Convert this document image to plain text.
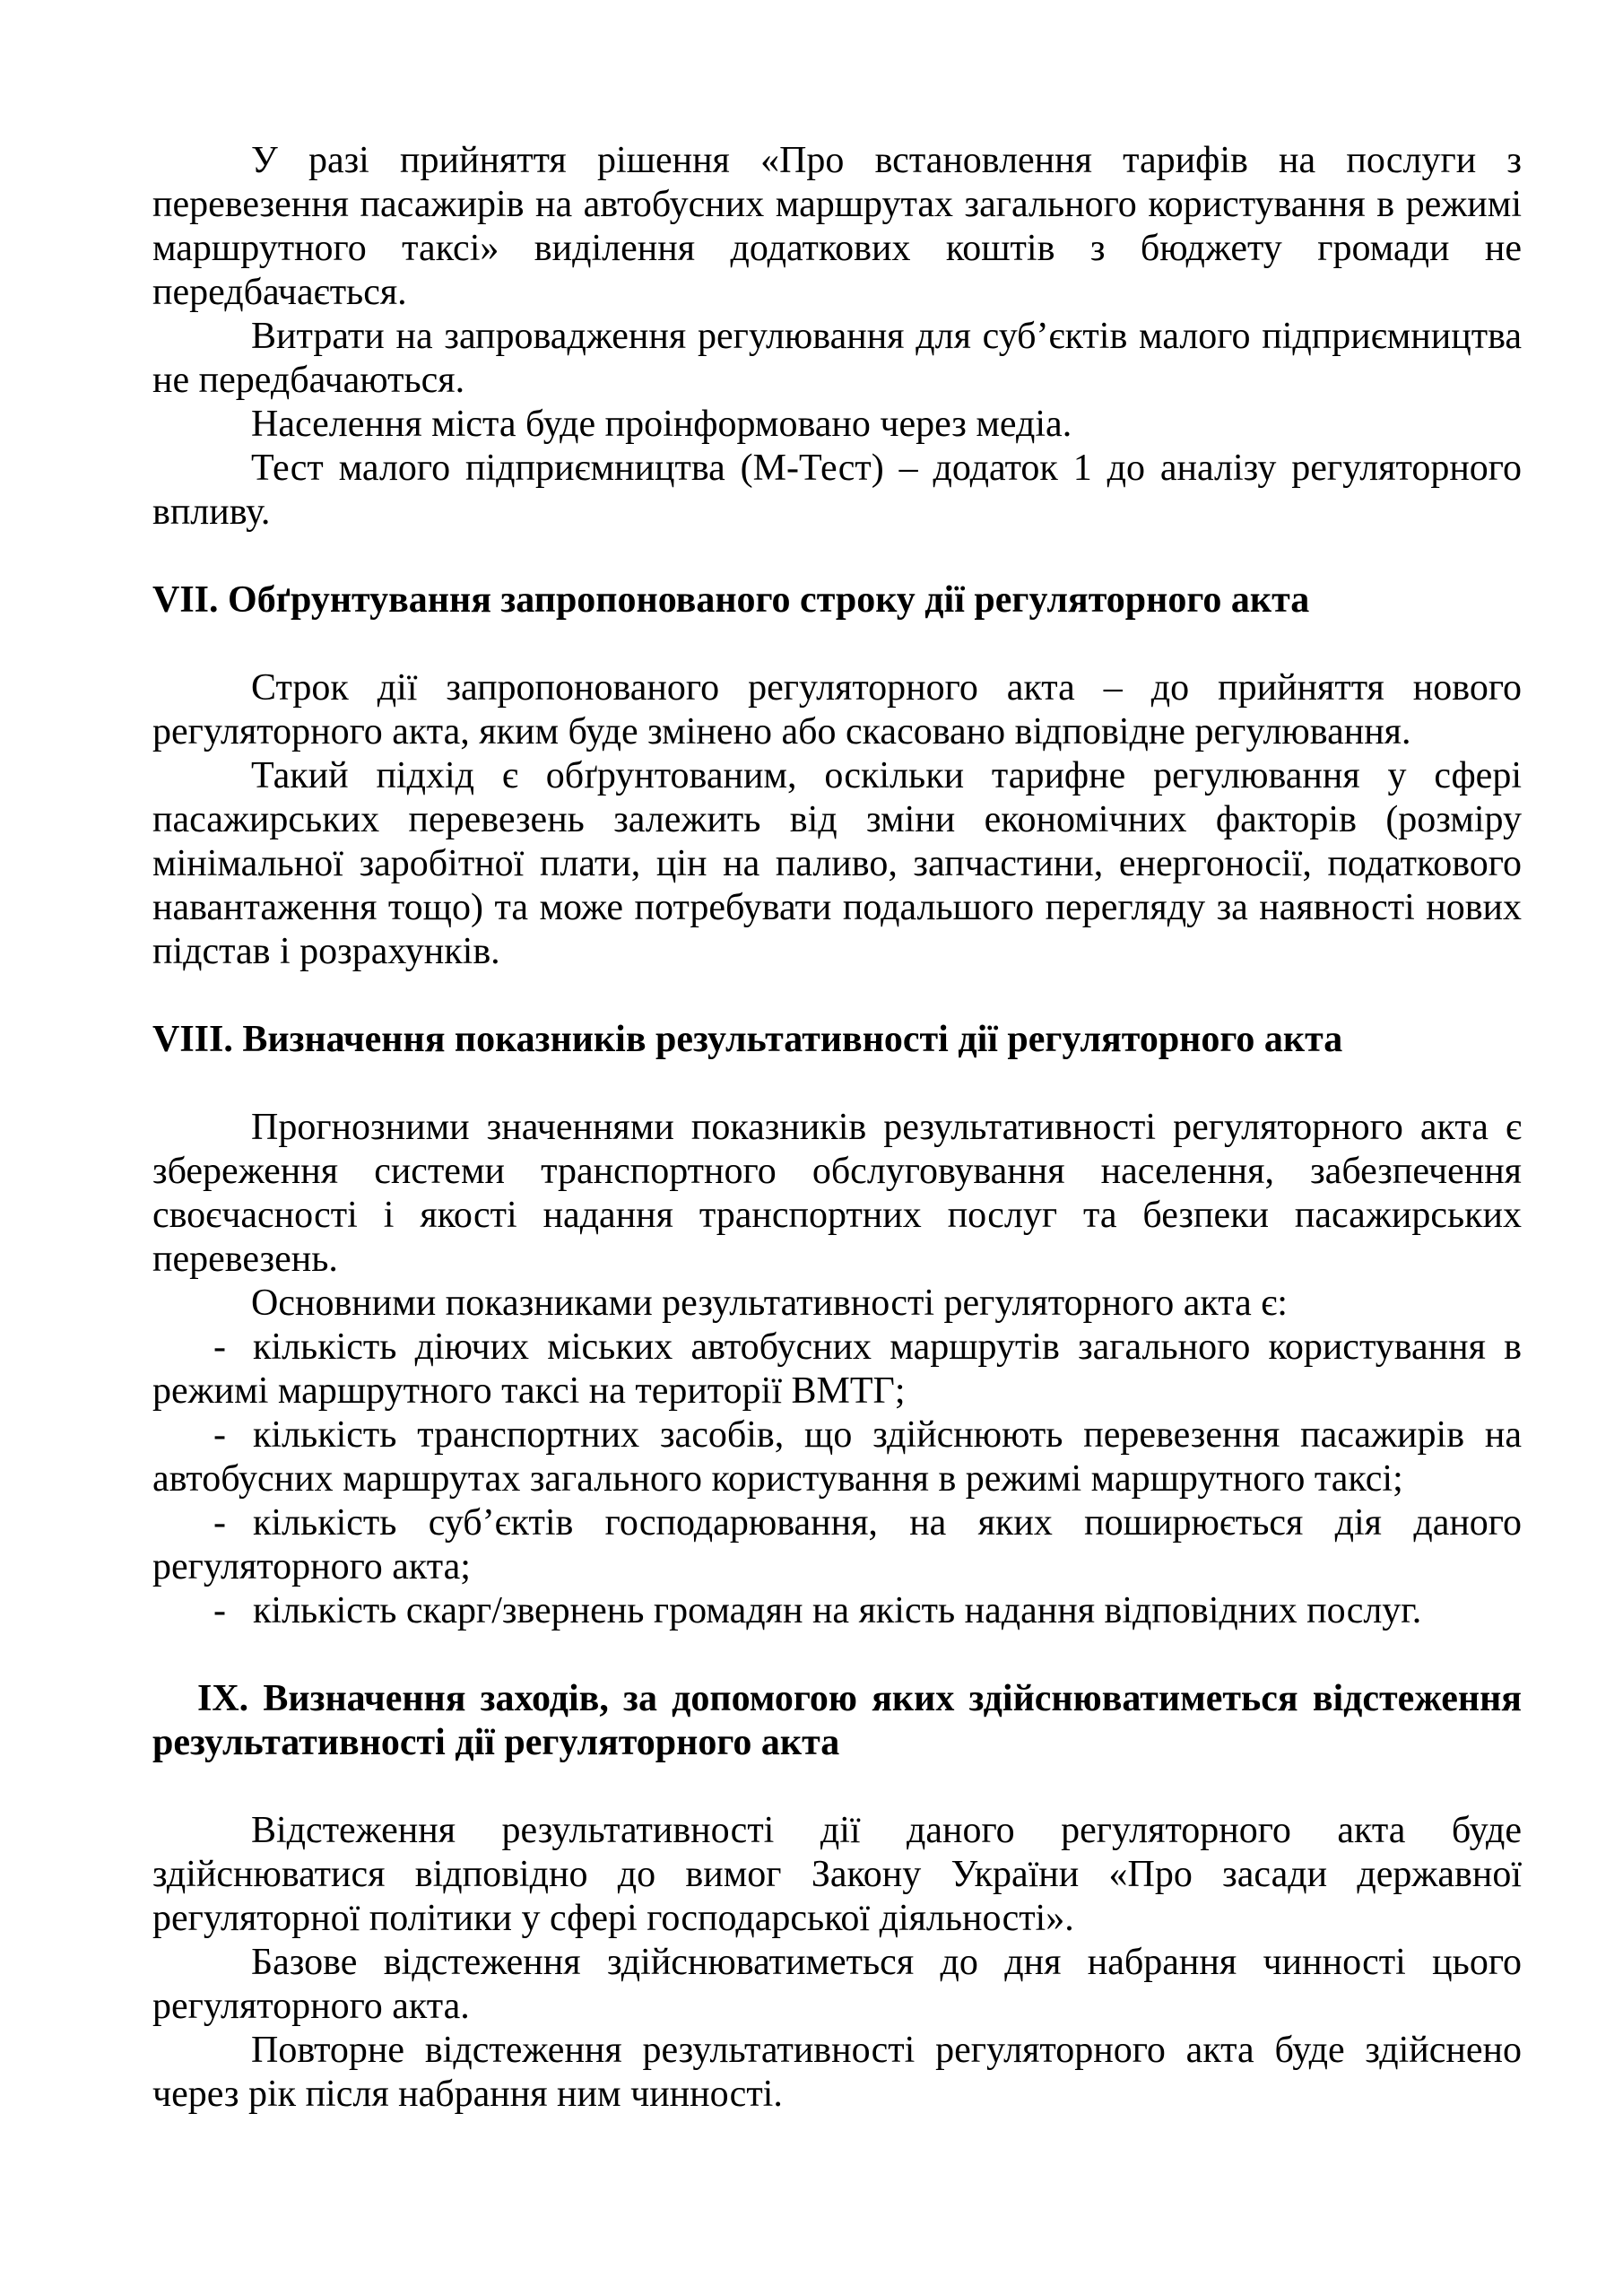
У разі прийняття рішення «Про встановлення тарифів на послуги з перевезення пасажирів на автобусних маршрутах загального користування в режимі маршрутного таксі» виділення додаткових коштів з бюджету громади не передбачається.

Витрати на запровадження регулювання для суб’єктів малого підприємництва не передбачаються.

Населення міста буде проінформовано через медіа.

Тест малого підприємництва (М-Тест) – додаток 1 до аналізу регуляторного впливу.

VII. Обґрунтування запропонованого строку дії регуляторного акта

Строк дії запропонованого регуляторного акта – до прийняття нового регуляторного акта, яким буде змінено або скасовано відповідне регулювання.

Такий підхід є обґрунтованим, оскільки тарифне регулювання у сфері пасажирських перевезень залежить від зміни економічних факторів (розміру мінімальної заробітної плати, цін на паливо, запчастини, енергоносії, податкового навантаження тощо) та може потребувати подальшого перегляду за наявності нових підстав і розрахунків.

VIII. Визначення показників результативності дії регуляторного акта

Прогнозними значеннями показників результативності регуляторного акта є збереження системи транспортного обслуговування населення, забезпечення своєчасності і якості надання транспортних послуг та безпеки пасажирських перевезень.

Основними показниками результативності регуляторного акта є:

- кількість діючих міських автобусних маршрутів загального користування в режимі маршрутного таксі на території ВМТГ;

- кількість транспортних засобів, що здійснюють перевезення пасажирів на автобусних маршрутах загального користування в режимі маршрутного таксі;

- кількість суб’єктів господарювання, на яких поширюється дія даного регуляторного акта;

- кількість скарг/звернень громадян на якість надання відповідних послуг.

IX. Визначення заходів, за допомогою яких здійснюватиметься відстеження результативності дії регуляторного акта

Відстеження результативності дії даного регуляторного акта буде здійснюватися відповідно до вимог Закону України «Про засади державної регуляторної політики у сфері господарської діяльності».

Базове відстеження здійснюватиметься до дня набрання чинності цього регуляторного акта.

Повторне відстеження результативності регуляторного акта буде здійснено через рік після набрання ним чинності.
